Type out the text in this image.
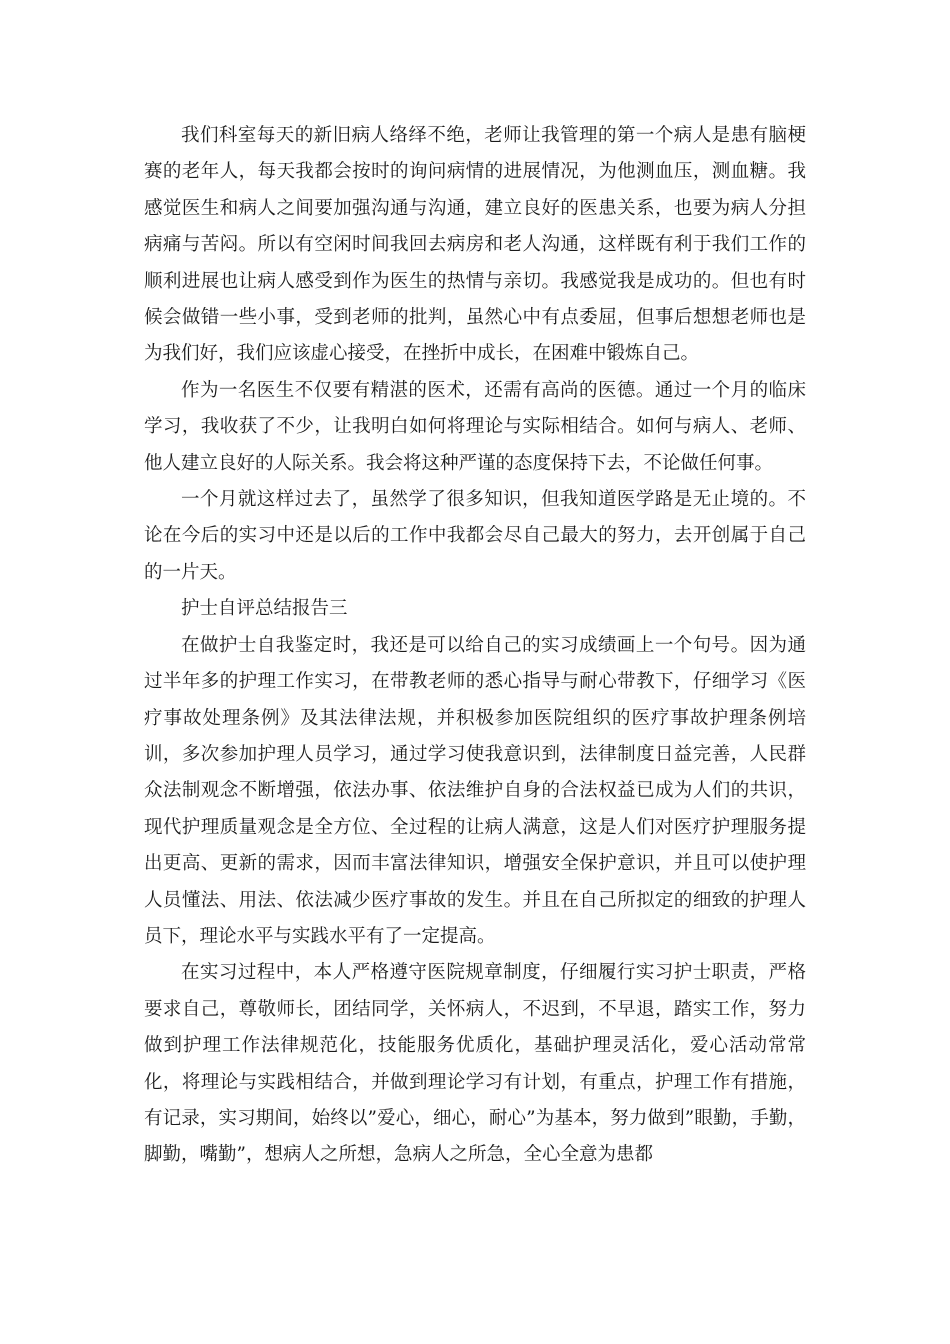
我们科室每天的新旧病人络绎不绝，老师让我管理的第一个病人是患有脑梗赛的老年人，每天我都会按时的询问病情的进展情况，为他测血压，测血糖。我感觉医生和病人之间要加强沟通与沟通，建立良好的医患关系，也要为病人分担病痛与苦闷。所以有空闲时间我回去病房和老人沟通，这样既有利于我们工作的顺利进展也让病人感受到作为医生的热情与亲切。我感觉我是成功的。但也有时候会做错一些小事，受到老师的批判，虽然心中有点委屈，但事后想想老师也是为我们好，我们应该虚心接受，在挫折中成长，在困难中锻炼自己。

作为一名医生不仅要有精湛的医术，还需有高尚的医德。通过一个月的临床学习，我收获了不少，让我明白如何将理论与实际相结合。如何与病人、老师、他人建立良好的人际关系。我会将这种严谨的态度保持下去，不论做任何事。

一个月就这样过去了，虽然学了很多知识，但我知道医学路是无止境的。不论在今后的实习中还是以后的工作中我都会尽自己最大的努力，去开创属于自己的一片天。

护士自评总结报告三

在做护士自我鉴定时，我还是可以给自己的实习成绩画上一个句号。因为通过半年多的护理工作实习，在带教老师的悉心指导与耐心带教下，仔细学习《医疗事故处理条例》及其法律法规，并积极参加医院组织的医疗事故护理条例培训，多次参加护理人员学习，通过学习使我意识到，法律制度日益完善，人民群众法制观念不断增强，依法办事、依法维护自身的合法权益已成为人们的共识，现代护理质量观念是全方位、全过程的让病人满意，这是人们对医疗护理服务提出更高、更新的需求，因而丰富法律知识，增强安全保护意识，并且可以使护理人员懂法、用法、依法减少医疗事故的发生。并且在自己所拟定的细致的护理人员下，理论水平与实践水平有了一定提高。

在实习过程中，本人严格遵守医院规章制度，仔细履行实习护士职责，严格要求自己，尊敬师长，团结同学，关怀病人，不迟到，不早退，踏实工作，努力做到护理工作法律规范化，技能服务优质化，基础护理灵活化，爱心活动常常化，将理论与实践相结合，并做到理论学习有计划，有重点，护理工作有措施，有记录，实习期间，始终以”爱心，细心，耐心”为基本，努力做到”眼勤，手勤，脚勤，嘴勤”，想病人之所想，急病人之所急，全心全意为患都
